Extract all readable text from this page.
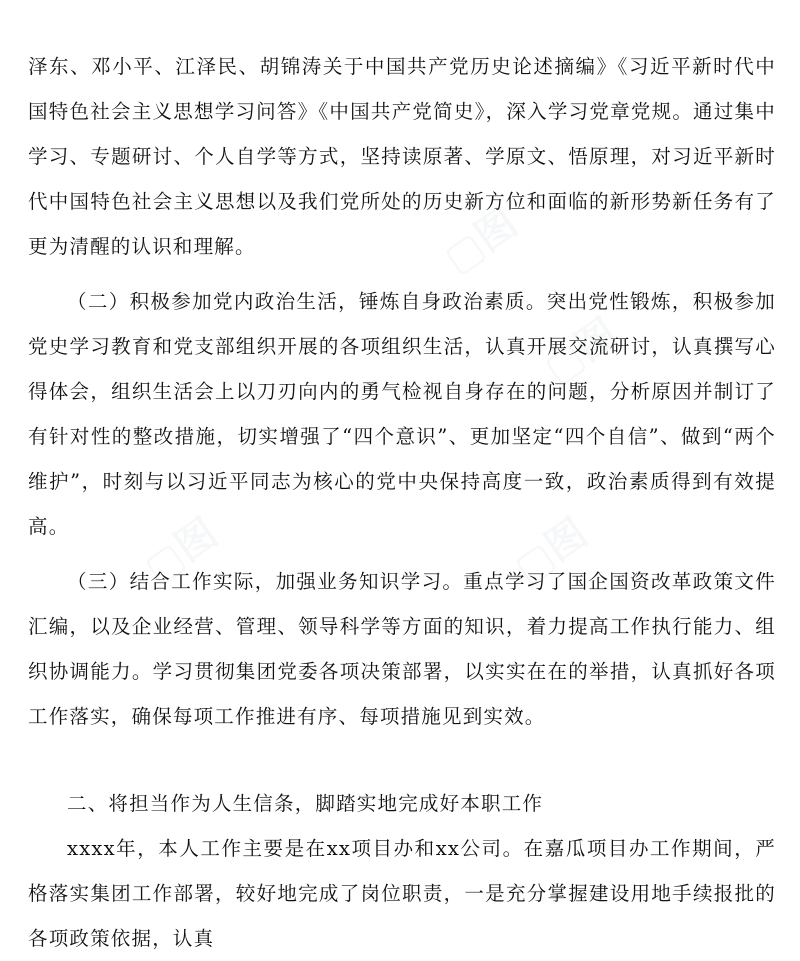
泽东、邓小平、江泽民、胡锦涛关于中国共产党历史论述摘编》《习近平新时代中国特色社会主义思想学习问答》《中国共产党简史》，深入学习党章党规。通过集中学习、专题研讨、个人自学等方式，坚持读原著、学原文、悟原理，对习近平新时代中国特色社会主义思想以及我们党所处的历史新方位和面临的新形势新任务有了更为清醒的认识和理解。

（二）积极参加党内政治生活，锤炼自身政治素质。突出党性锻炼，积极参加党史学习教育和党支部组织开展的各项组织生活，认真开展交流研讨，认真撰写心得体会，组织生活会上以刀刃向内的勇气检视自身存在的问题，分析原因并制订了有针对性的整改措施，切实增强了“四个意识”、更加坚定“四个自信”、做到“两个维护”，时刻与以习近平同志为核心的党中央保持高度一致，政治素质得到有效提高。

（三）结合工作实际，加强业务知识学习。重点学习了国企国资改革政策文件汇编，以及企业经营、管理、领导科学等方面的知识，着力提高工作执行能力、组织协调能力。学习贯彻集团党委各项决策部署，以实实在在的举措，认真抓好各项工作落实，确保每项工作推进有序、每项措施见到实效。

二、将担当作为人生信条，脚踏实地完成好本职工作

xxxx年，本人工作主要是在xx项目办和xx公司。在嘉瓜项目办工作期间，严格落实集团工作部署，较好地完成了岗位职责，一是充分掌握建设用地手续报批的各项政策依据，认真

▢图
▢图
▢图	▢图
